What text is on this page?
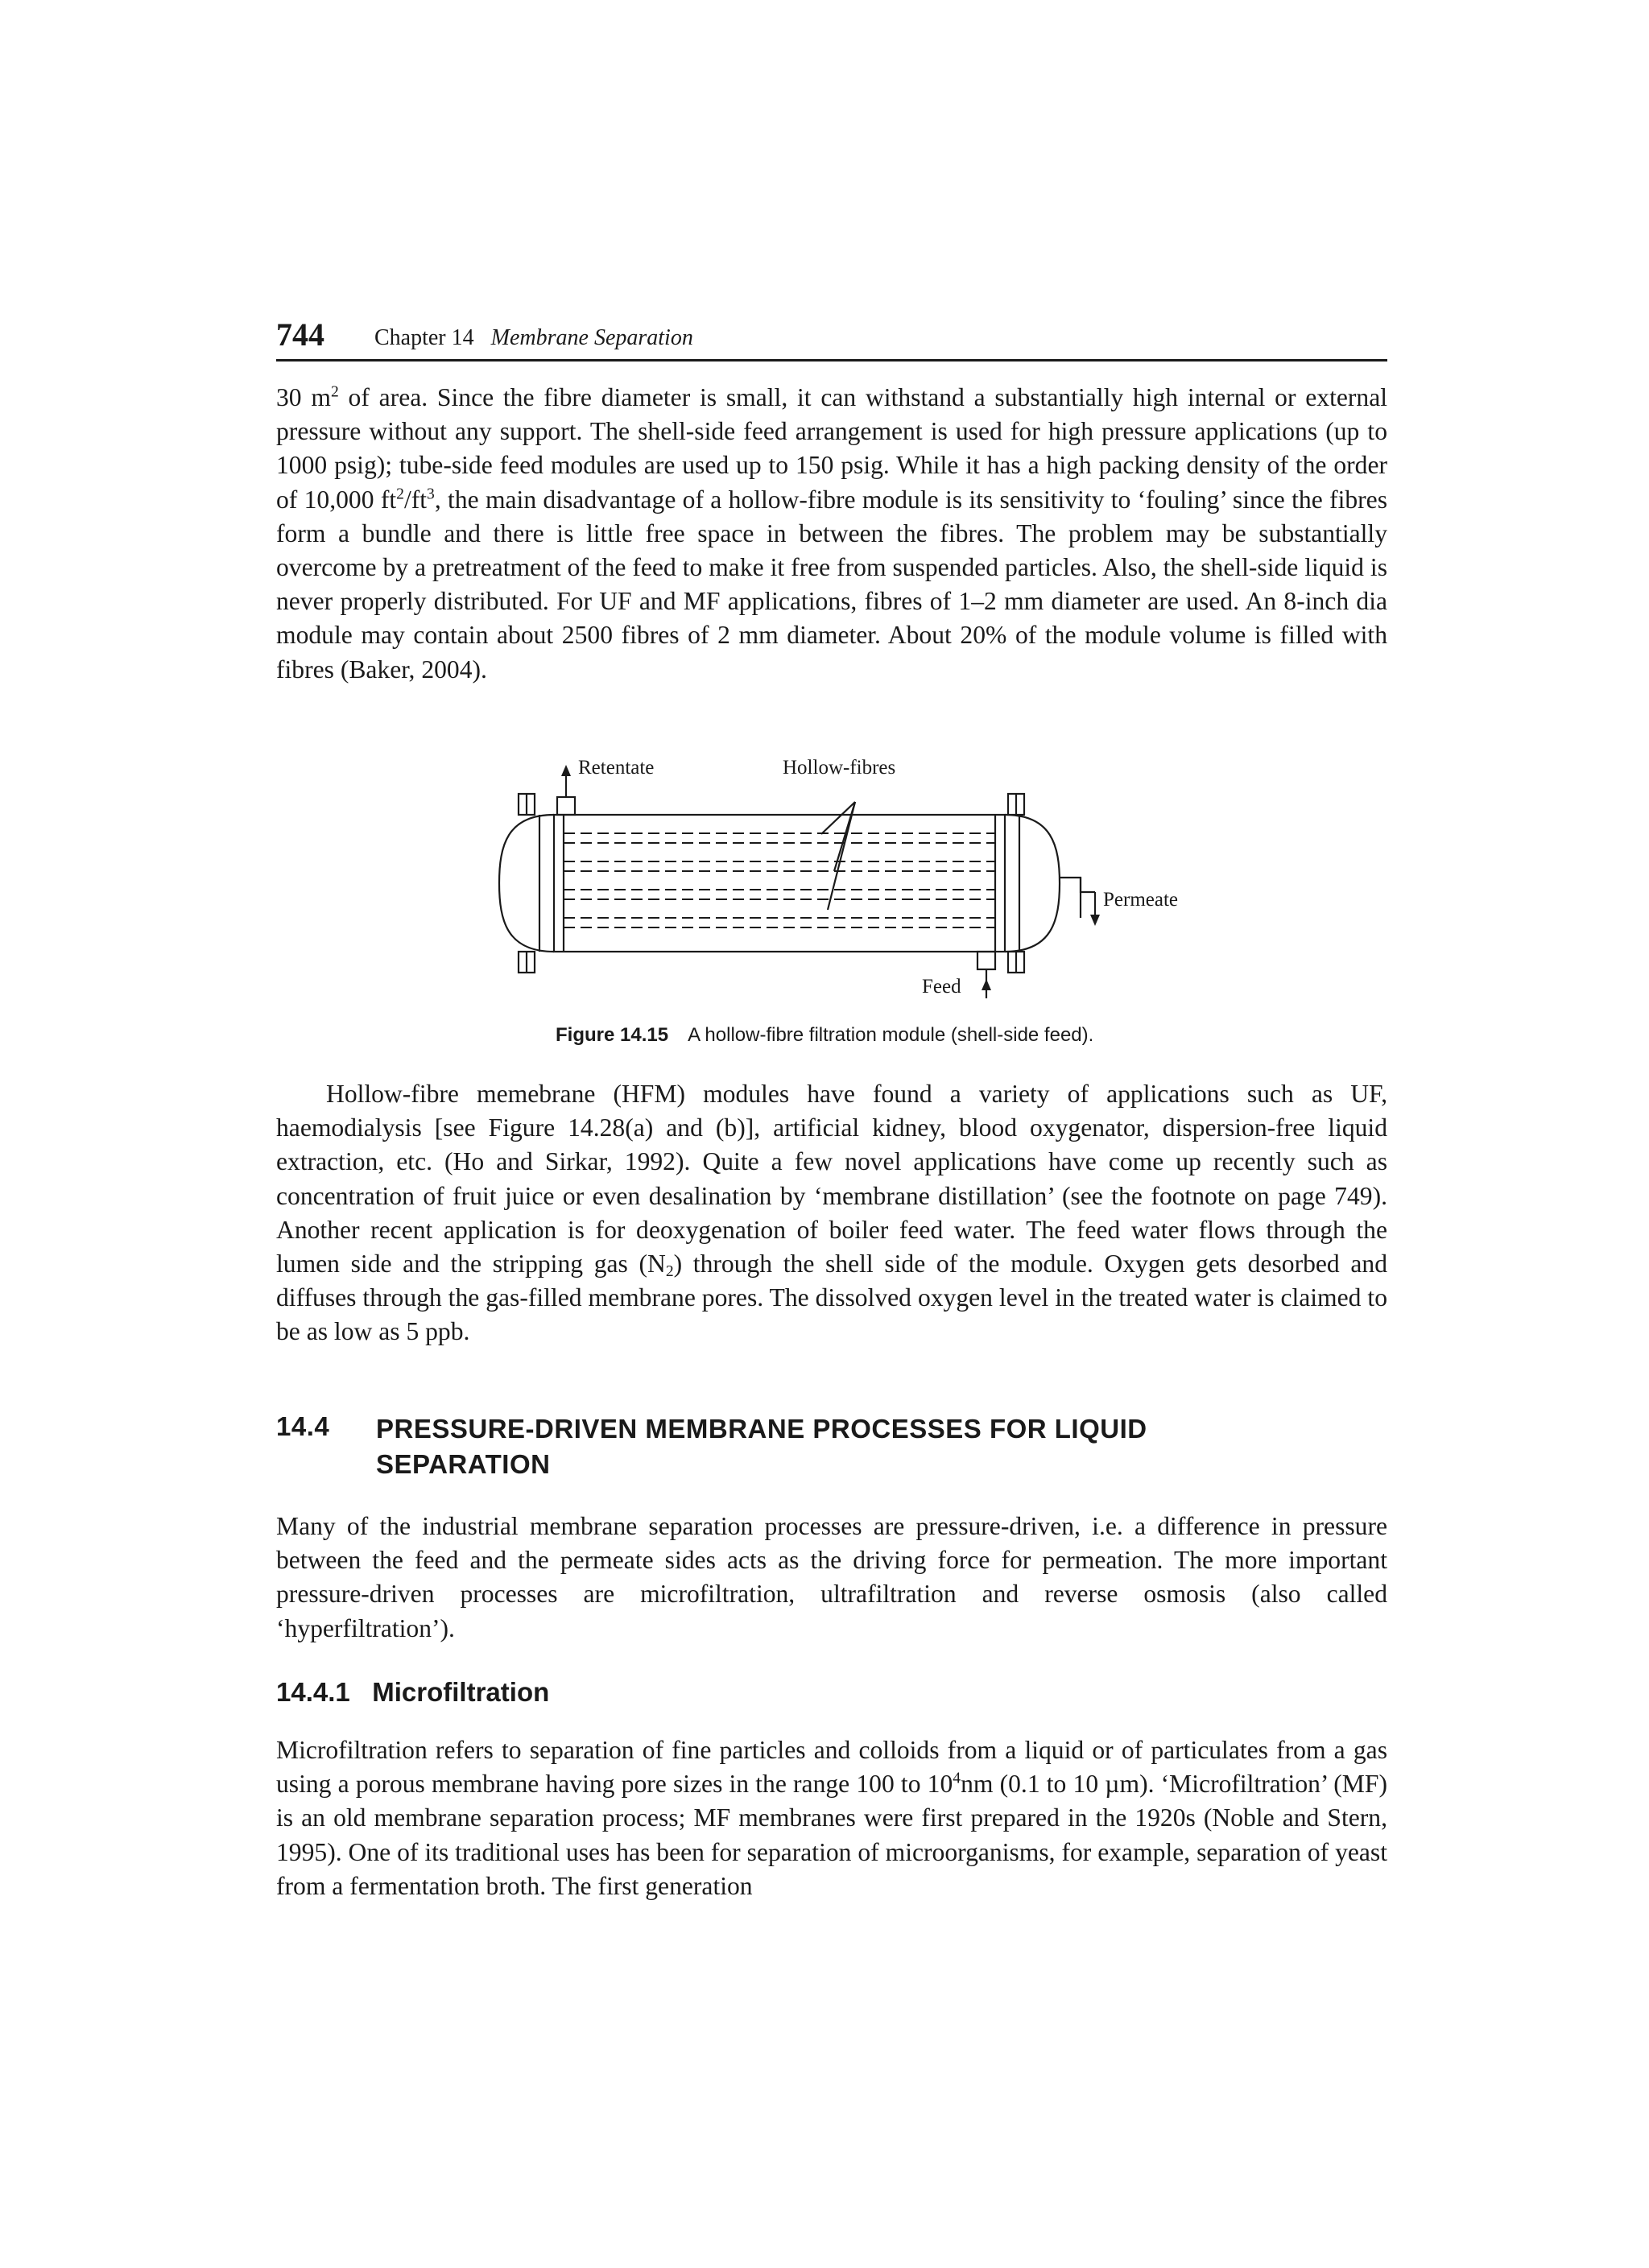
744 Chapter 14 Membrane Separation

30 $m^2$ of area. Since the fibre diameter is small, it can withstand a substantially high internal or external pressure without any support. The shell-side feed arrangement is used for high pressure applications (up to 1000 psig); tube-side feed modules are used up to 150 psig. While it has a high packing density of the order of 10,000 $ft^2/ft^3$, the main disadvantage of a hollow-fibre module is its sensitivity to ‘fouling’ since the fibres form a bundle and there is little free space in between the fibres. The problem may be substantially overcome by a pretreatment of the feed to make it free from suspended particles. Also, the shell-side liquid is never properly distributed. For UF and MF applications, fibres of 1–2 mm diameter are used. An 8-inch dia module may contain about 2500 fibres of 2 mm diameter. About 20% of the module volume is filled with fibres (Baker, 2004).

Retentate	Hollow-fibres
Permeate
Feed
Figure 14.15 A hollow-fibre filtration module (shell-side feed).

Hollow-fibre memebrane (HFM) modules have found a variety of applications such as UF, haemodialysis [see Figure 14.28(a) and (b)], artificial kidney, blood oxygenator, dispersion-free liquid extraction, etc. (Ho and Sirkar, 1992). Quite a few novel applications have come up recently such as concentration of fruit juice or even desalination by ‘membrane distillation’ (see the footnote on page 749). Another recent application is for deoxygenation of boiler feed water. The feed water flows through the lumen side and the stripping gas $(N_2)$ through the shell side of the module. Oxygen gets desorbed and diffuses through the gas-filled membrane pores. The dissolved oxygen level in the treated water is claimed to be as low as 5 ppb.

14.4 PRESSURE-DRIVEN MEMBRANE PROCESSES FOR LIQUID SEPARATION

Many of the industrial membrane separation processes are pressure-driven, i.e. a difference in pressure between the feed and the permeate sides acts as the driving force for permeation. The more important pressure-driven processes are microfiltration, ultrafiltration and reverse osmosis (also called ‘hyperfiltration’).

14.4.1 Microfiltration

Microfiltration refers to separation of fine particles and colloids from a liquid or of particulates from a gas using a porous membrane having pore sizes in the range 100 to $10^4nm$ (0.1 to 10 µm). ‘Microfiltration’ (MF) is an old membrane separation process; MF membranes were first prepared in the 1920s (Noble and Stern, 1995). One of its traditional uses has been for separation of microorganisms, for example, separation of yeast from a fermentation broth. The first generation
